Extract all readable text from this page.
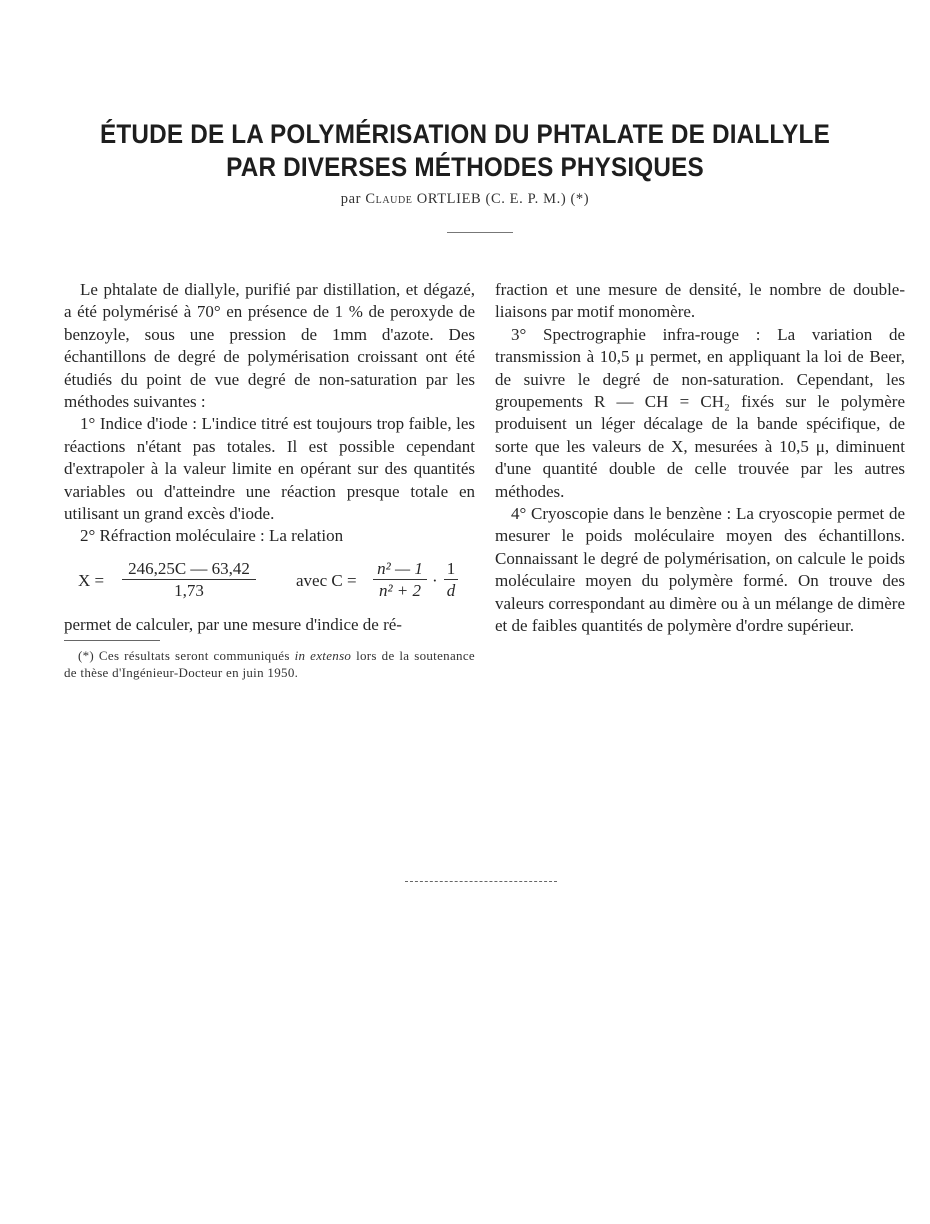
ÉTUDE DE LA POLYMÉRISATION DU PHTALATE DE DIALLYLE
PAR DIVERSES MÉTHODES PHYSIQUES
par Claude ORTLIEB (C. E. P. M.) (*)

Le phtalate de diallyle, purifié par distillation, et dégazé, a été polymérisé à 70° en présence de 1 % de peroxyde de benzoyle, sous une pression de 1mm d'azote. Des échantillons de degré de polymérisation croissant ont été étudiés du point de vue degré de non-saturation par les méthodes suivantes :

1° Indice d'iode : L'indice titré est toujours trop faible, les réactions n'étant pas totales. Il est possible cependant d'extrapoler à la valeur limite en opérant sur des quantités variables ou d'atteindre une réaction presque totale en utilisant un grand excès d'iode.

2° Réfraction moléculaire : La relation

$X = \frac{246,25C — 63,42}{1,73}$ avec $C = \frac{\text{n² — 1}}{\text{n² + 2}} \cdot \frac{1}{d}$

permet de calculer, par une mesure d'indice de ré-

(*) Ces résultats seront communiqués in extenso lors de la soutenance de thèse d'Ingénieur-Docteur en juin 1950.

fraction et une mesure de densité, le nombre de double-liaisons par motif monomère.

3° Spectrographie infra-rouge : La variation de transmission à 10,5 μ permet, en appliquant la loi de Beer, de suivre le degré de non-saturation. Cependant, les groupements R — CH = CH₂ fixés sur le polymère produisent un léger décalage de la bande spécifique, de sorte que les valeurs de X, mesurées à 10,5 μ, diminuent d'une quantité double de celle trouvée par les autres méthodes.

4° Cryoscopie dans le benzène : La cryoscopie permet de mesurer le poids moléculaire moyen des échantillons. Connaissant le degré de polymérisation, on calcule le poids moléculaire moyen du polymère formé. On trouve des valeurs correspondant au dimère ou à un mélange de dimère et de faibles quantités de polymère d'ordre supérieur.
